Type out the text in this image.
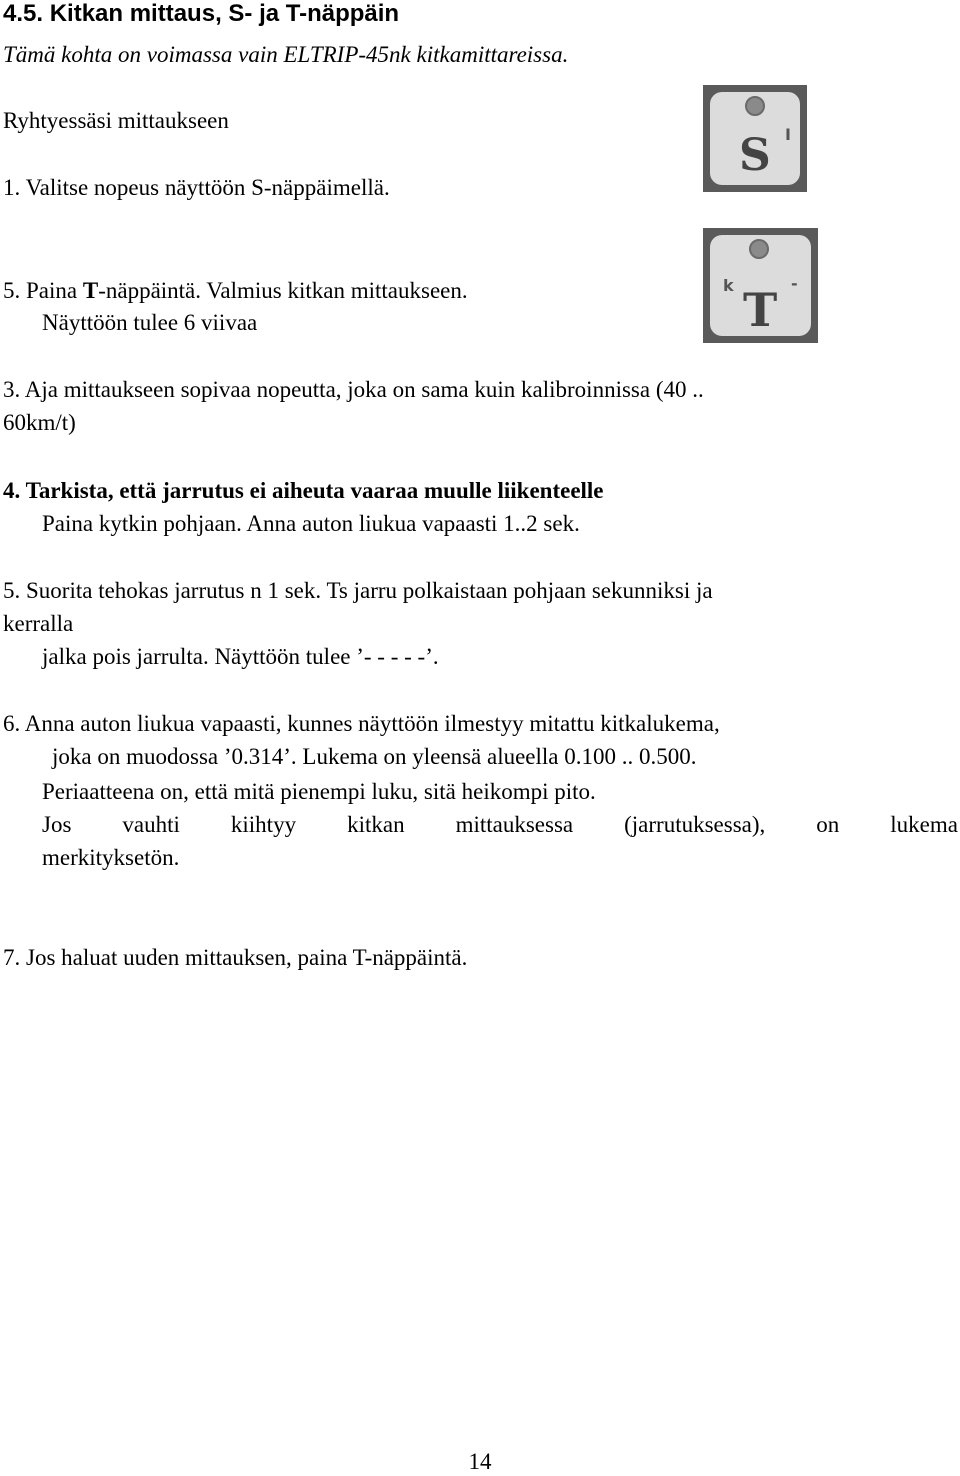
4.5. Kitkan mittaus, S- ja T-näppäin
Tämä kohta on voimassa vain ELTRIP-45nk kitkamittareissa.
Ryhtyessäsi mittaukseen
1. Valitse nopeus näyttöön S-näppäimellä.
5. Paina T-näppäintä. Valmius kitkan mittaukseen.
Näyttöön tulee 6 viivaa
3. Aja mittaukseen sopivaa nopeutta, joka on sama kuin kalibroinnissa (40 ..
60km/t)
4. Tarkista, että jarrutus ei aiheuta vaaraa muulle liikenteelle
Paina kytkin pohjaan. Anna auton liukua vapaasti 1..2 sek.
5. Suorita tehokas jarrutus n 1 sek. Ts jarru polkaistaan pohjaan sekunniksi ja
kerralla
jalka pois jarrulta. Näyttöön tulee ’- - - - -’.
6. Anna auton liukua vapaasti, kunnes näyttöön ilmestyy mitattu kitkalukema,
joka on muodossa ’0.314’. Lukema on yleensä alueella 0.100 .. 0.500.
Periaatteena on, että mitä pienempi luku, sitä heikompi pito.
Jos vauhti kiihtyy kitkan mittauksessa (jarrutuksessa), on lukema
merkityksetön.
7. Jos haluat uuden mittauksen, paina T-näppäintä.
I
S
k	-
T
14
